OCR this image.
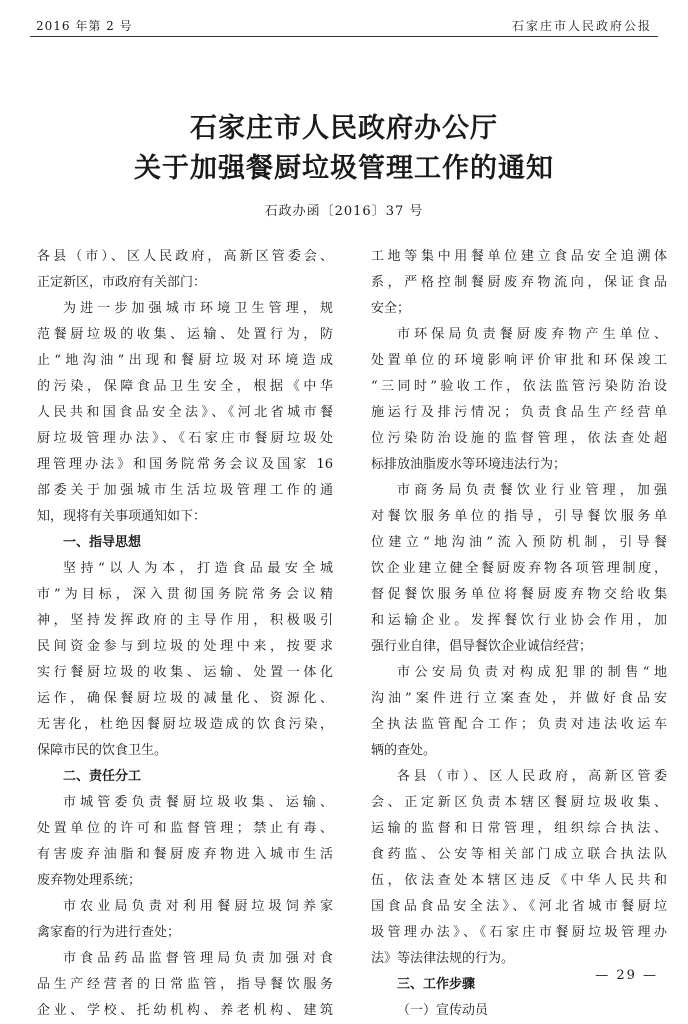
2016 年第 2 号	石家庄市人民政府公报
石家庄市人民政府办公厅
关于加强餐厨垃圾管理工作的通知
石政办函〔2016〕37 号
各县（市）、区人民政府，高新区管委会、
正定新区，市政府有关部门：
为进一步加强城市环境卫生管理，规
范餐厨垃圾的收集、运输、处置行为，防
止“地沟油”出现和餐厨垃圾对环境造成
的污染，保障食品卫生安全，根据《中华
人民共和国食品安全法》、《河北省城市餐
厨垃圾管理办法》、《石家庄市餐厨垃圾处
理管理办法》和国务院常务会议及国家 16
部委关于加强城市生活垃圾管理工作的通
知，现将有关事项通知如下：
一、指导思想
坚持“以人为本，打造食品最安全城
市”为目标，深入贯彻国务院常务会议精
神，坚持发挥政府的主导作用，积极吸引
民间资金参与到垃圾的处理中来，按要求
实行餐厨垃圾的收集、运输、处置一体化
运作，确保餐厨垃圾的减量化、资源化、
无害化，杜绝因餐厨垃圾造成的饮食污染，
保障市民的饮食卫生。
二、责任分工
市城管委负责餐厨垃圾收集、运输、
处置单位的许可和监督管理；禁止有毒、
有害废弃油脂和餐厨废弃物进入城市生活
废弃物处理系统；
市农业局负责对利用餐厨垃圾饲养家
禽家畜的行为进行查处；
市食品药品监督管理局负责加强对食
品生产经营者的日常监管，指导餐饮服务
企业、学校、托幼机构、养老机构、建筑
工地等集中用餐单位建立食品安全追溯体
系，严格控制餐厨废弃物流向，保证食品
安全；
市环保局负责餐厨废弃物产生单位、
处置单位的环境影响评价审批和环保竣工
“三同时”验收工作，依法监管污染防治设
施运行及排污情况；负责食品生产经营单
位污染防治设施的监督管理，依法查处超
标排放油脂废水等环境违法行为；
市商务局负责餐饮业行业管理，加强
对餐饮服务单位的指导，引导餐饮服务单
位建立“地沟油”流入预防机制，引导餐
饮企业建立健全餐厨废弃物各项管理制度，
督促餐饮服务单位将餐厨废弃物交给收集
和运输企业。发挥餐饮行业协会作用，加
强行业自律，倡导餐饮企业诚信经营；
市公安局负责对构成犯罪的制售“地
沟油”案件进行立案查处，并做好食品安
全执法监管配合工作；负责对违法收运车
辆的查处。
各县（市）、区人民政府，高新区管委
会、正定新区负责本辖区餐厨垃圾收集、
运输的监督和日常管理，组织综合执法、
食药监、公安等相关部门成立联合执法队
伍，依法查处本辖区违反《中华人民共和
国食品食品安全法》、《河北省城市餐厨垃
圾管理办法》、《石家庄市餐厨垃圾管理办
法》等法律法规的行为。
三、工作步骤
（一）宣传动员
— 29 —
